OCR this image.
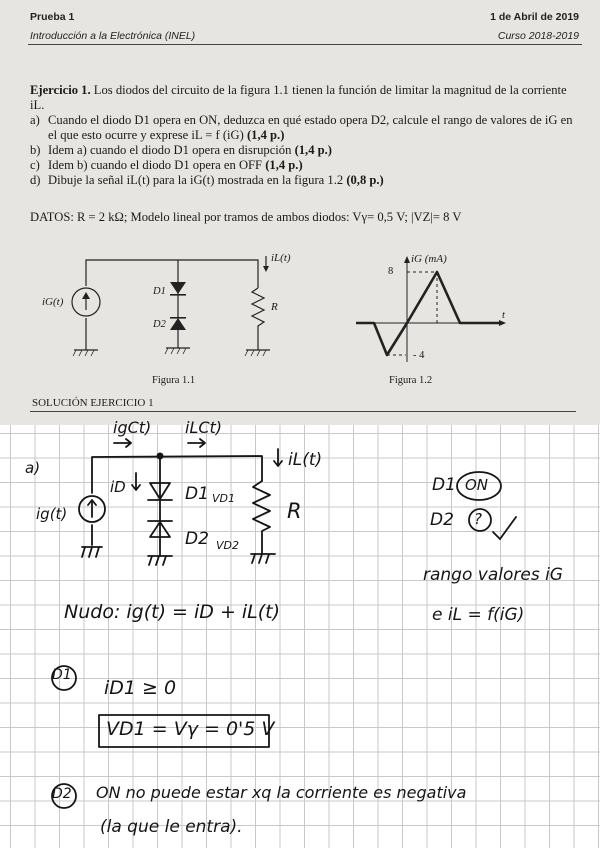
Prueba 1
Introducción a la Electrónica (INEL)
1 de Abril de 2019
Curso 2018-2019

Ejercicio 1. Los diodos del circuito de la figura 1.1 tienen la función de limitar la magnitud de la corriente iL.

a) Cuando el diodo D1 opera en ON, deduzca en qué estado opera D2, calcule el rango de valores de iG en el que esto ocurre y exprese iL = f (iG) (1,4 p.)
b) Idem a) cuando el diodo D1 opera en disrupción (1,4 p.)
c) Idem b) cuando el diodo D1 opera en OFF (1,4 p.)
d) Dibuje la señal iL(t) para la iG(t) mostrada en la figura 1.2 (0,8 p.)
DATOS: R = 2 kΩ; Modelo lineal por tramos de ambos diodos: Vγ= 0,5 V; |VZ|= 8 V
iG(t)
D1
D2
R
iL(t)
Figura 1.1
iG (mA)
t
8
- 4
Figura 1.2
SOLUCIÓN EJERCICIO 1
a)
igCt) iLCt)
iL(t)
ig(t)
iD	D1 VD1
D2 VD2
R
D1 ON
D2 ?
rango valores iG
e iL = f(iG)
Nudo: ig(t) = iD + iL(t)
D1
iD1 ≥ 0
VD1 = Vγ = 0'5 V
D2 ON no puede estar xq la corriente es negativa
(la que le entra).
